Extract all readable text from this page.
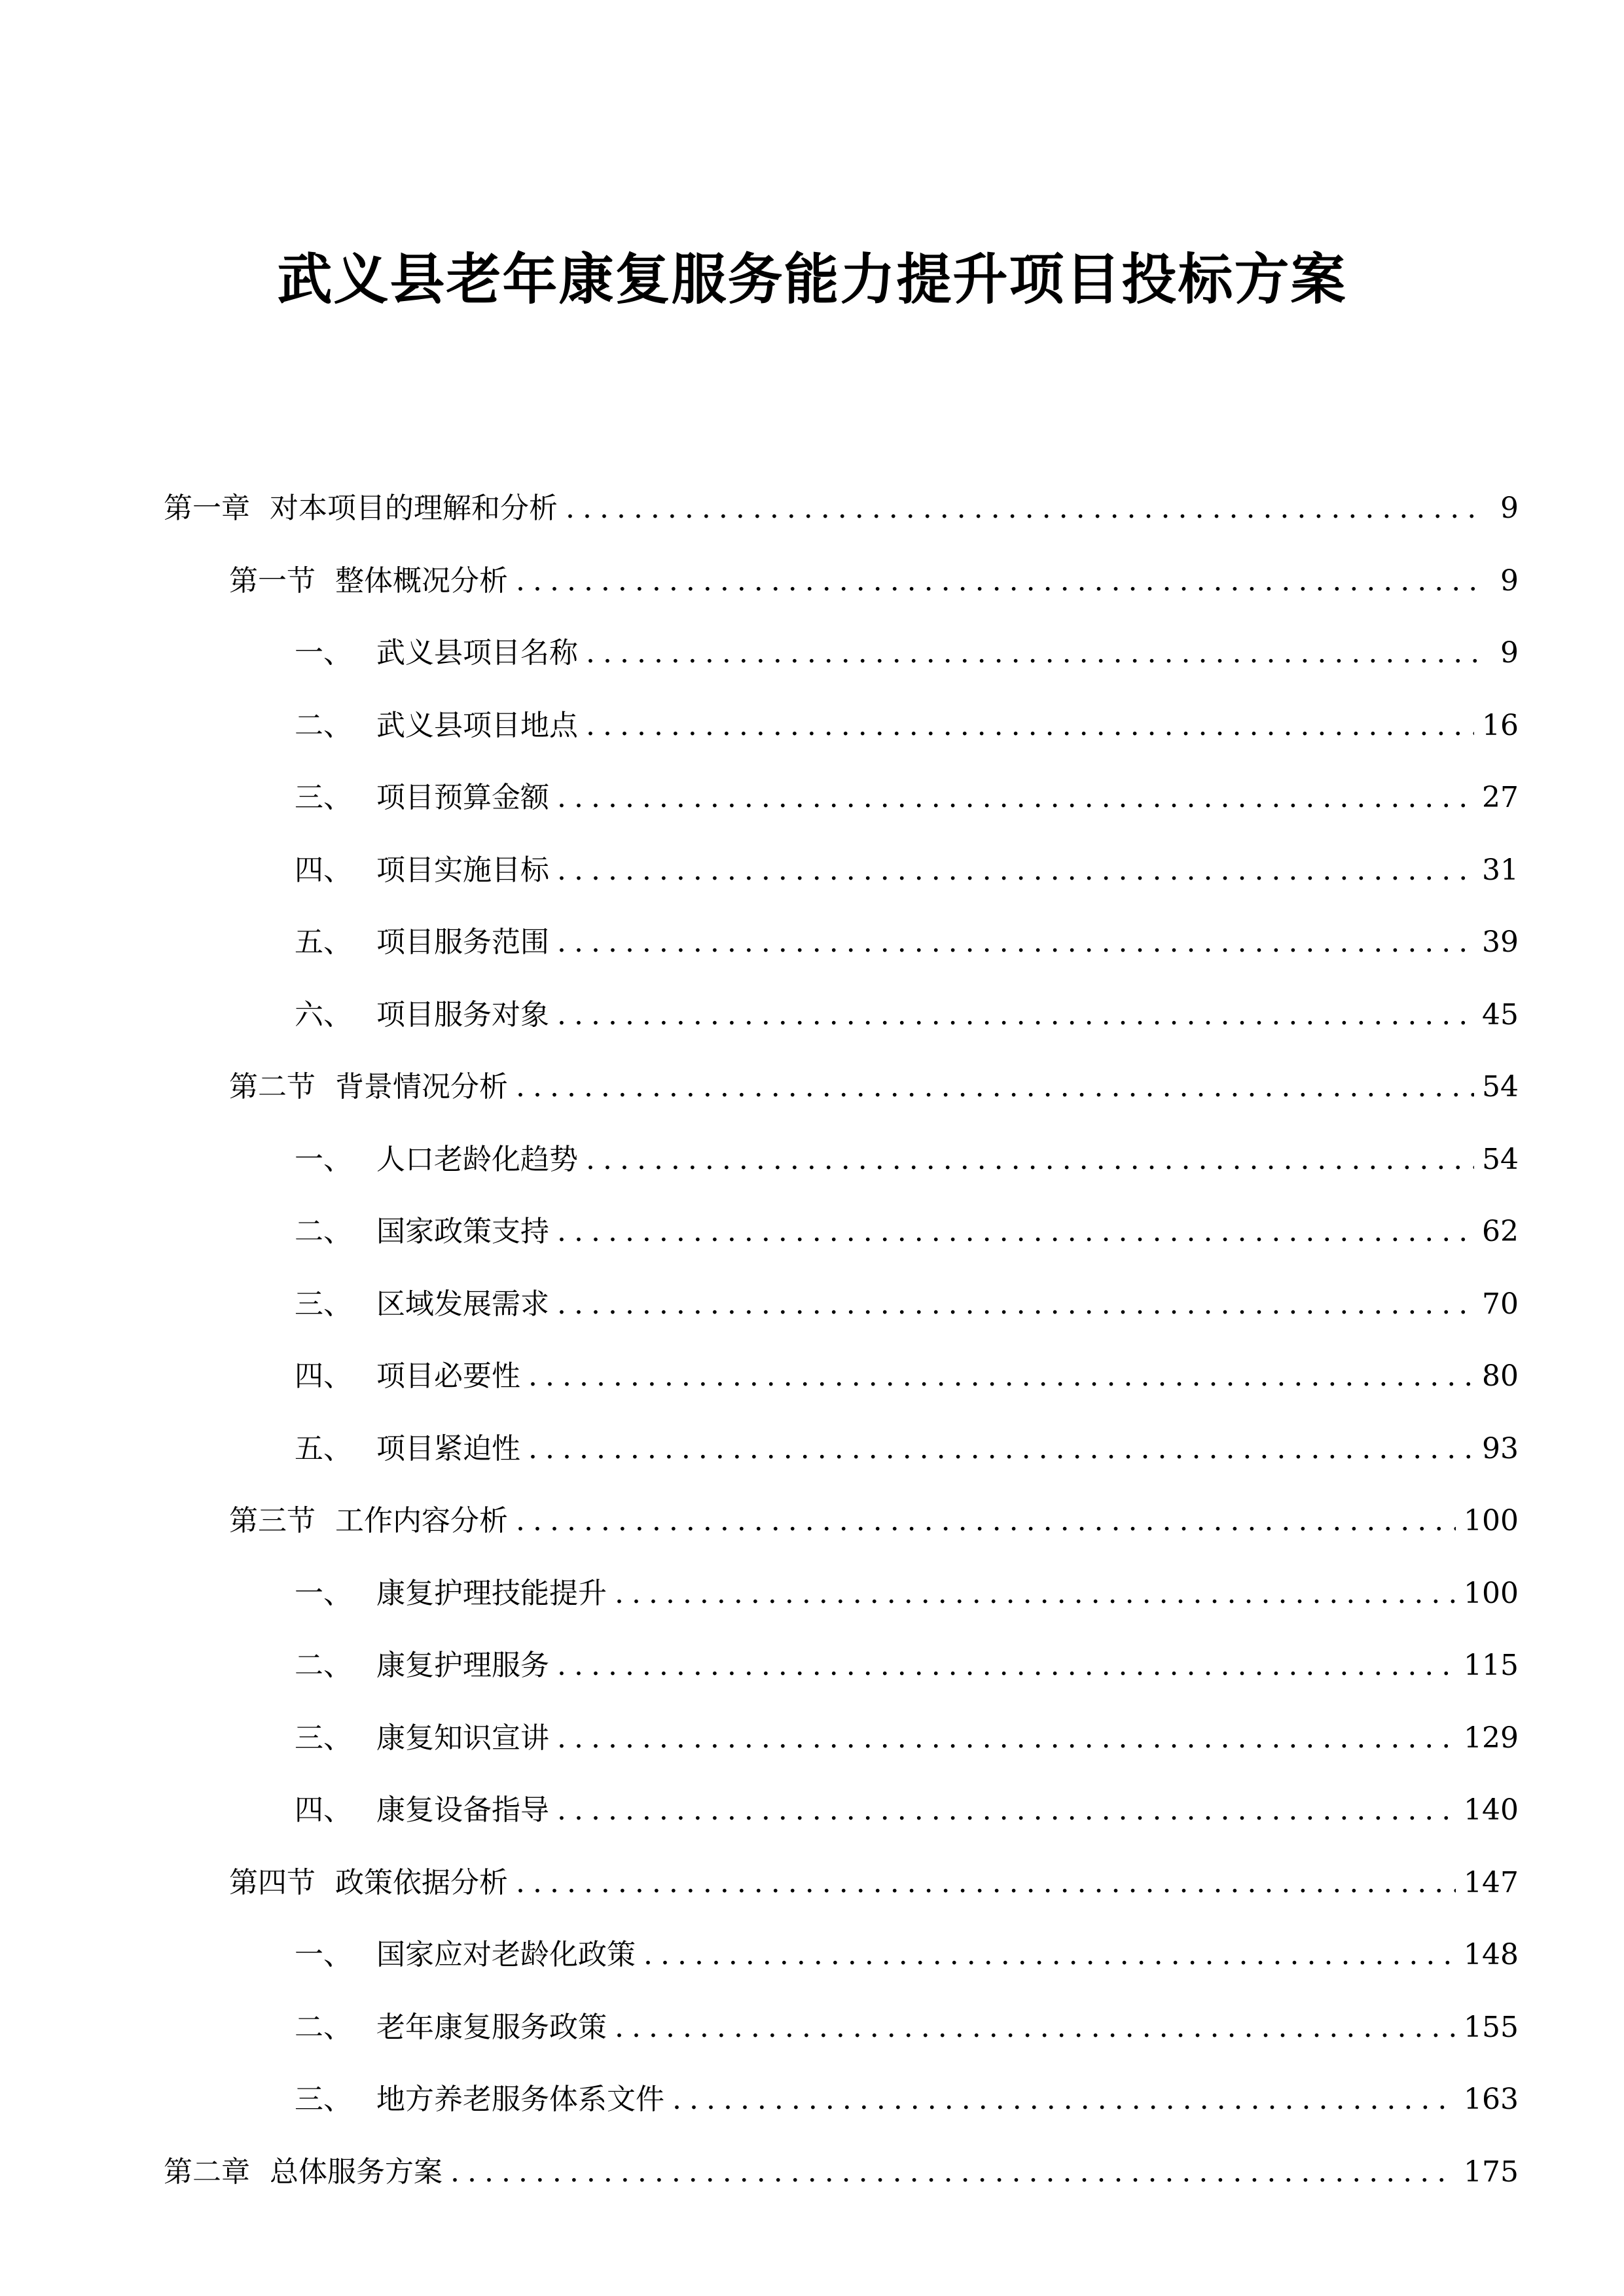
武义县老年康复服务能力提升项目投标方案
第一章 对本项目的理解和分析 .....	9
第一节 整体概况分析 .....	9
一、 武义县项目名称 .....	9
二、 武义县项目地点 .....	16
三、 项目预算金额 .....	27
四、 项目实施目标 .....	31
五、 项目服务范围 .....	39
六、 项目服务对象 .....	45
第二节 背景情况分析 .....	54
一、 人口老龄化趋势 .....	54
二、 国家政策支持 .....	62
三、 区域发展需求 .....	70
四、 项目必要性 .....	80
五、 项目紧迫性 .....	93
第三节 工作内容分析 .....	100
一、 康复护理技能提升 .....	100
二、 康复护理服务 .....	115
三、 康复知识宣讲 .....	129
四、 康复设备指导 .....	140
第四节 政策依据分析 .....	147
一、 国家应对老龄化政策 .....	148
二、 老年康复服务政策 .....	155
三、 地方养老服务体系文件 .....	163
第二章 总体服务方案 .....	175
